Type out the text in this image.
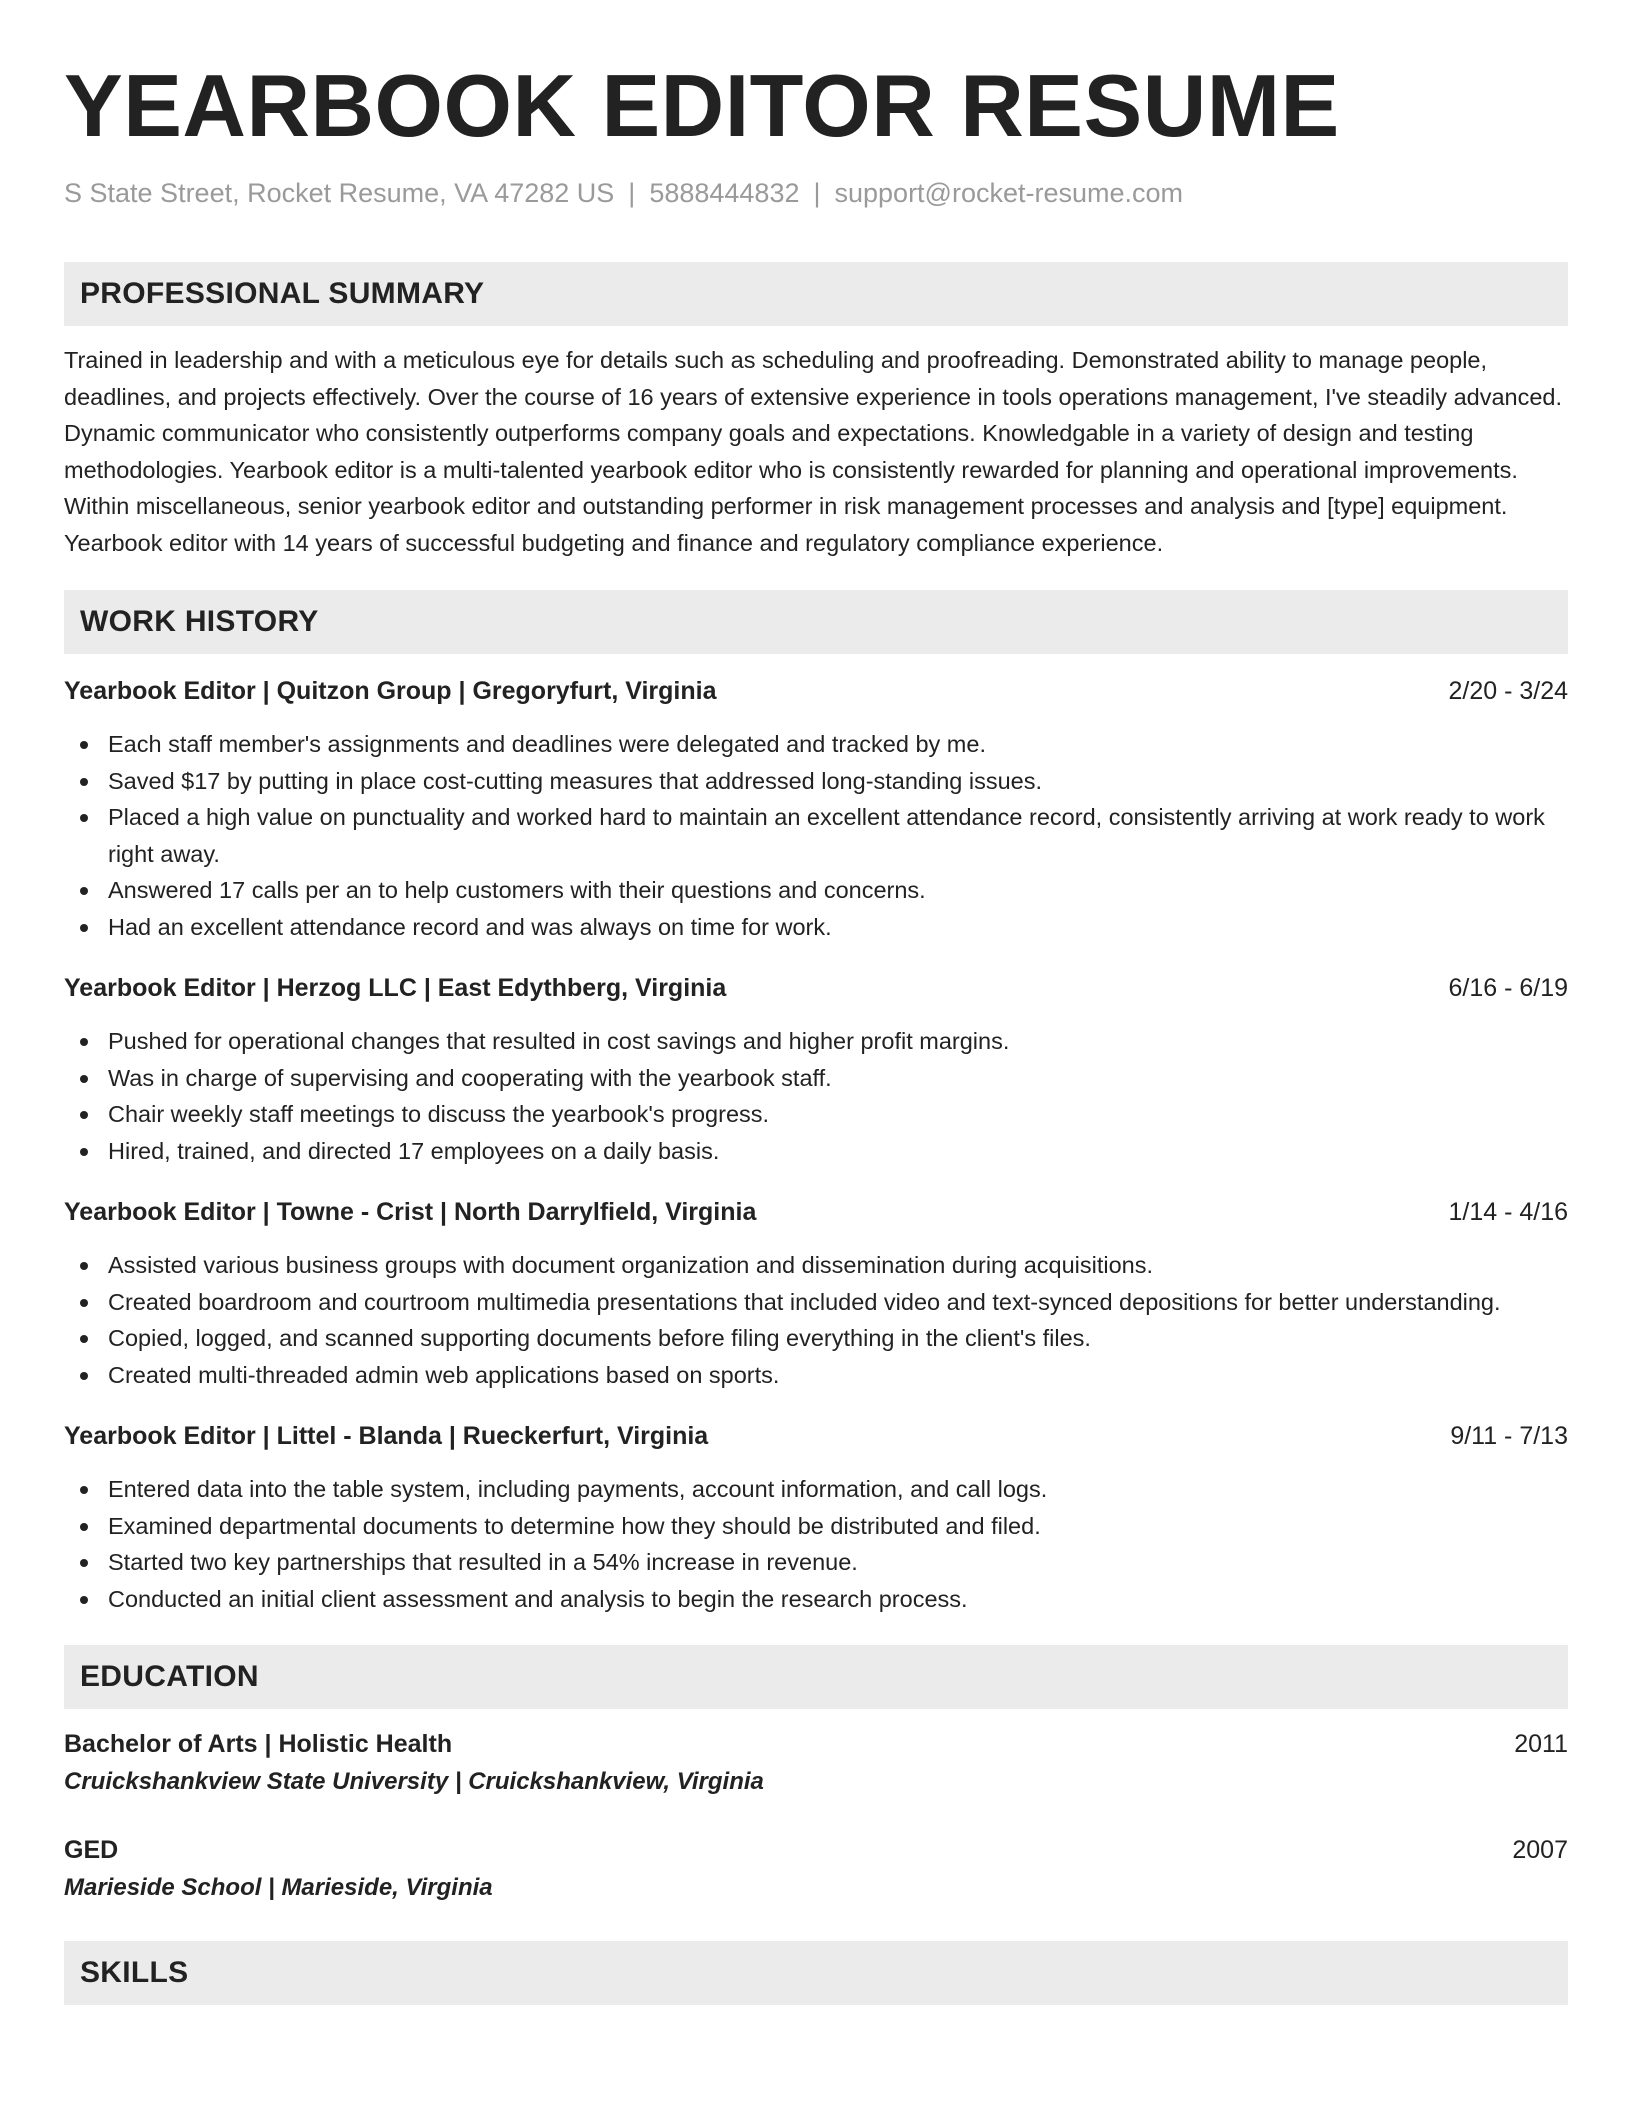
YEARBOOK EDITOR RESUME
S State Street, Rocket Resume, VA 47282 US | 5888444832 | support@rocket-resume.com
PROFESSIONAL SUMMARY

Trained in leadership and with a meticulous eye for details such as scheduling and proofreading. Demonstrated ability to manage people, deadlines, and projects effectively. Over the course of 16 years of extensive experience in tools operations management, I've steadily advanced. Dynamic communicator who consistently outperforms company goals and expectations. Knowledgable in a variety of design and testing methodologies. Yearbook editor is a multi-talented yearbook editor who is consistently rewarded for planning and operational improvements. Within miscellaneous, senior yearbook editor and outstanding performer in risk management processes and analysis and [type] equipment. Yearbook editor with 14 years of successful budgeting and finance and regulatory compliance experience.

WORK HISTORY
Yearbook Editor | Quitzon Group | Gregoryfurt, Virginia	2/20 - 3/24
Each staff member's assignments and deadlines were delegated and tracked by me.
Saved $17 by putting in place cost-cutting measures that addressed long-standing issues.
Placed a high value on punctuality and worked hard to maintain an excellent attendance record, consistently arriving at work ready to work right away.
Answered 17 calls per an to help customers with their questions and concerns.
Had an excellent attendance record and was always on time for work.
Yearbook Editor | Herzog LLC | East Edythberg, Virginia	6/16 - 6/19
Pushed for operational changes that resulted in cost savings and higher profit margins.
Was in charge of supervising and cooperating with the yearbook staff.
Chair weekly staff meetings to discuss the yearbook's progress.
Hired, trained, and directed 17 employees on a daily basis.
Yearbook Editor | Towne - Crist | North Darrylfield, Virginia	1/14 - 4/16
Assisted various business groups with document organization and dissemination during acquisitions.
Created boardroom and courtroom multimedia presentations that included video and text-synced depositions for better understanding.
Copied, logged, and scanned supporting documents before filing everything in the client's files.
Created multi-threaded admin web applications based on sports.
Yearbook Editor | Littel - Blanda | Rueckerfurt, Virginia	9/11 - 7/13
Entered data into the table system, including payments, account information, and call logs.
Examined departmental documents to determine how they should be distributed and filed.
Started two key partnerships that resulted in a 54% increase in revenue.
Conducted an initial client assessment and analysis to begin the research process.
EDUCATION
Bachelor of Arts | Holistic Health	2011
Cruickshankview State University | Cruickshankview, Virginia
GED	2007
Marieside School | Marieside, Virginia
SKILLS
